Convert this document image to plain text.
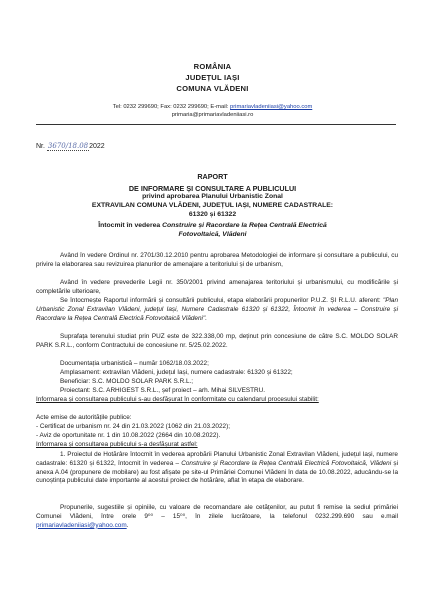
ROMÂNIA
JUDEȚUL IAȘI
COMUNA VLĂDENI
Tel: 0232 299690; Fax: 0232 299690; E-mail: primariavladeniiasi@yahoo.com
primaria@primariavladeniiasi.ro
Nr. 3670/18.082022
RAPORT
DE INFORMARE ȘI CONSULTARE A PUBLICULUI
privind aprobarea Planului Urbanistic Zonal
EXTRAVILAN COMUNA VLĂDENI, JUDEȚUL IAȘI, NUMERE CADASTRALE:
61320 și 61322
Întocmit în vederea Construire și Racordare la Rețea Centrală Electrică
Fotovoltaică, Vlădeni

Având în vedere Ordinul nr. 2701/30.12.2010 pentru aprobarea Metodologiei de informare și consultare a publicului, cu privire la elaborarea sau revizuirea planurilor de amenajare a teritoriului și de urbanism,

Având în vedere prevederile Legii nr. 350/2001 privind amenajarea teritoriului și urbanismului, cu modificările și completările ulterioare,

Se întocmește Raportul informării și consultării publicului, etapa elaborării propunerilor P.U.Z. ȘI R.L.U. aferent: "Plan Urbanistic Zonal Extravilan Vlădeni, județul Iași, Numere Cadastrale 61320 și 61322, Întocmit în vederea – Construire și Racordare la Rețea Centrală Electrică Fotovoltaică Vlădeni".

Suprafața terenului studiat prin PUZ este de 322.338,00 mp, deținut prin concesiune de către S.C. MOLDO SOLAR PARK S.R.L., conform Contractului de concesiune nr. 5/25.02.2022.

Documentația urbanistică – număr 1062/18.03.2022;
Amplasament: extravilan Vlădeni, județul Iași, numere cadastrale: 61320 și 61322;
Beneficiar: S.C. MOLDO SOLAR PARK S.R.L.;
Proiectant: S.C. ARHIGEST S.R.L., șef proiect – arh. Mihai SILVESTRU.

Informarea și consultarea publicului s-au desfășurat în conformitate cu calendarul procesului stabilit:

Acte emise de autoritățile publice:
- Certificat de urbanism nr. 24 din 21.03.2022 (1062 din 21.03.2022);
- Aviz de oportunitate nr. 1 din 10.08.2022 (2664 din 10.08.2022).
Informarea și consultarea publicului s-a desfășurat astfel:

1. Proiectul de Hotărâre întocmit în vederea aprobării Planului Urbanistic Zonal Extravilan Vlădeni, județul Iași, numere cadastrale: 61320 și 61322, întocmit în vederea – Construire și Racordare la Rețea Centrală Electrică Fotovoltaică, Vlădeni și anexa A.04 (propunere de mobilare) au fost afișate pe site-ul Primăriei Comunei Vlădeni în data de 10.08.2022, aducându-se la cunoștința publicului date importante al acestui proiect de hotărâre, aflat în etapa de elaborare.

Propunerile, sugestiile și opiniile, cu valoare de recomandare ale cetățenilor, au putut fi remise la sediul primăriei Comunei Vlădeni, între orele 9⁰⁰ – 15⁰⁰, în zilele lucrătoare, la telefonul 0232.299.690 sau e.mail primariavladeniiasi@yahoo.com.
